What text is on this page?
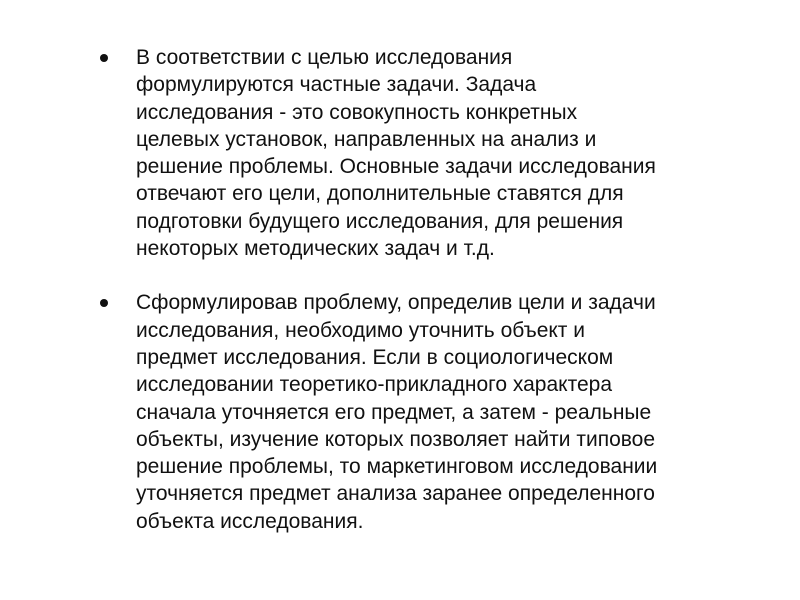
В соответствии с целью исследования
формулируются частные задачи. Задача
исследования - это совокупность конкретных
целевых установок, направленных на анализ и
решение проблемы. Основные задачи исследования
отвечают его цели, дополнительные ставятся для
подготовки будущего исследования, для решения
некоторых методических задач и т.д.
Сформулировав проблему, определив цели и задачи
исследования, необходимо уточнить объект и
предмет исследования. Если в социологическом
исследовании теоретико-прикладного характера
сначала уточняется его предмет, а затем - реальные
объекты, изучение которых позволяет найти типовое
решение проблемы, то маркетинговом исследовании
уточняется предмет анализа заранее определенного
объекта исследования.
